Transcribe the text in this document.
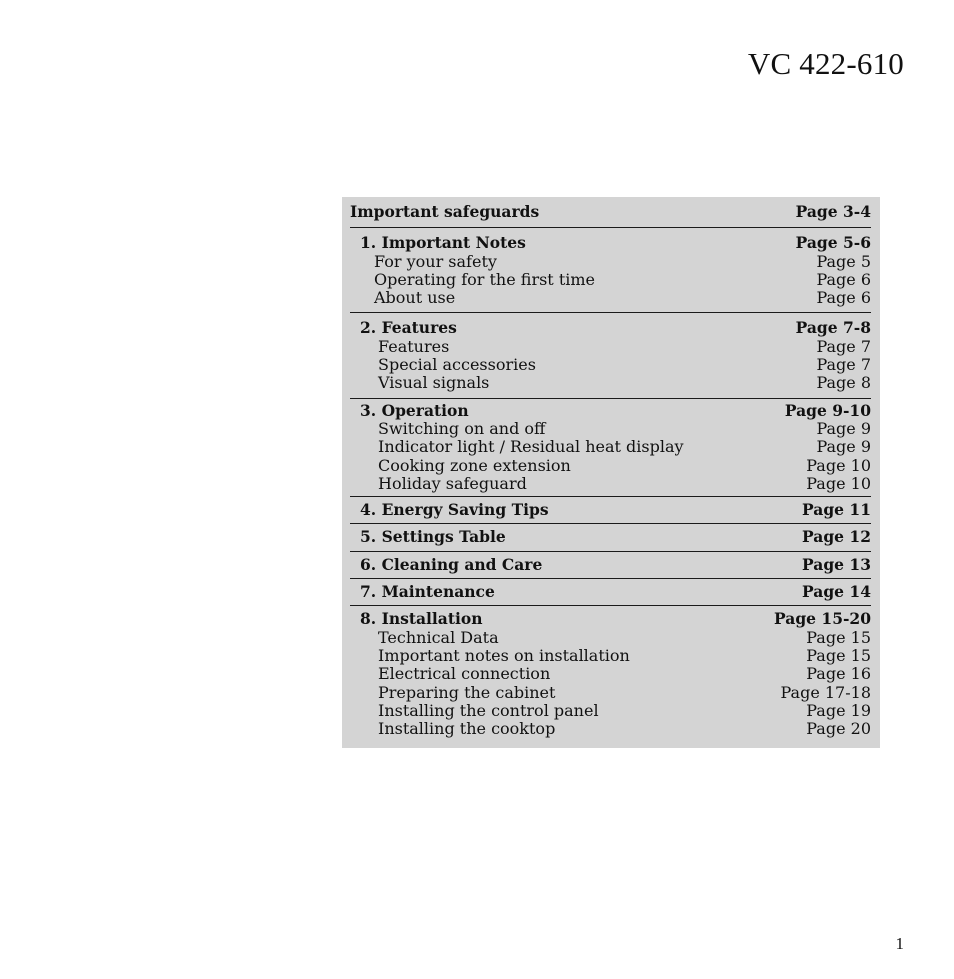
VC 422-610
Important safeguards	Page 3-4
1. Important Notes	Page 5-6
For your safety	Page 5
Operating for the first time	Page 6
About use	Page 6
2. Features	Page 7-8
Features	Page 7
Special accessories	Page 7
Visual signals	Page 8
3. Operation	Page 9-10
Switching on and off	Page 9
Indicator light / Residual heat display	Page 9
Cooking zone extension	Page 10
Holiday safeguard	Page 10
4. Energy Saving Tips	Page 11
5. Settings Table	Page 12
6. Cleaning and Care	Page 13
7. Maintenance	Page 14
8. Installation	Page 15-20
Technical Data	Page 15
Important notes on installation	Page 15
Electrical connection	Page 16
Preparing the cabinet	Page 17-18
Installing the control panel	Page 19
Installing the cooktop	Page 20
1
